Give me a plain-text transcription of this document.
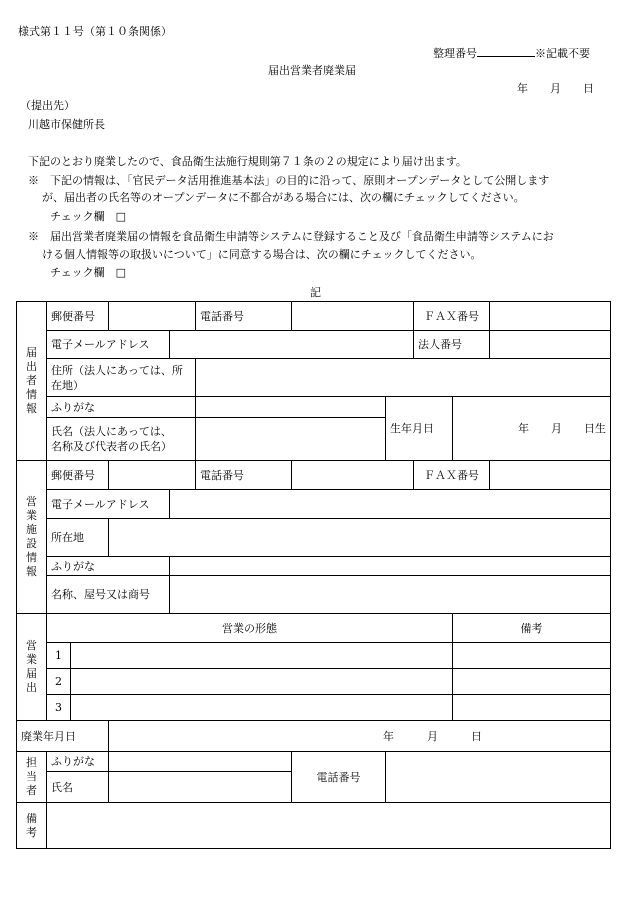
様式第１１号（第１０条関係）
整理番号	※記載不要
届出営業者廃業届
年　　月　　日
（提出先）
川越市保健所長
下記のとおり廃業したので、食品衛生法施行規則第７１条の２の規定により届け出ます。
※　下記の情報は、「官民データ活用推進基本法」の目的に沿って、原則オープンデータとして公開します
が、届出者の氏名等のオープンデータに不都合がある場合には、次の欄にチェックしてください。
チェック欄　□
※　届出営業者廃業届の情報を食品衛生申請等システムに登録すること及び「食品衛生申請等システムにお
ける個人情報等の取扱いについて」に同意する場合は、次の欄にチェックしてください。
チェック欄　□
記
届出者情報	郵便番号				電話番号			ＦＡＸ番号		
	電子メールアドレス							法人番号		
	住所（法人にあっては、所在地）									
	ふりがな						生年月日		年　　月　　日生	

	氏名（法人にあっては、
名称及び代表者の氏名）									

営業施設情報	郵便番号				電話番号			ＦＡＸ番号		
	電子メールアドレス									
	所在地									
	ふりがな									
	名称、屋号又は商号									
営業届出	営業の形態								備考	
	1									
	2									
	3									
廃業年月日			年　　　月　　　日							
担当者	ふりがな					電話番号				
	氏名									
備考										
